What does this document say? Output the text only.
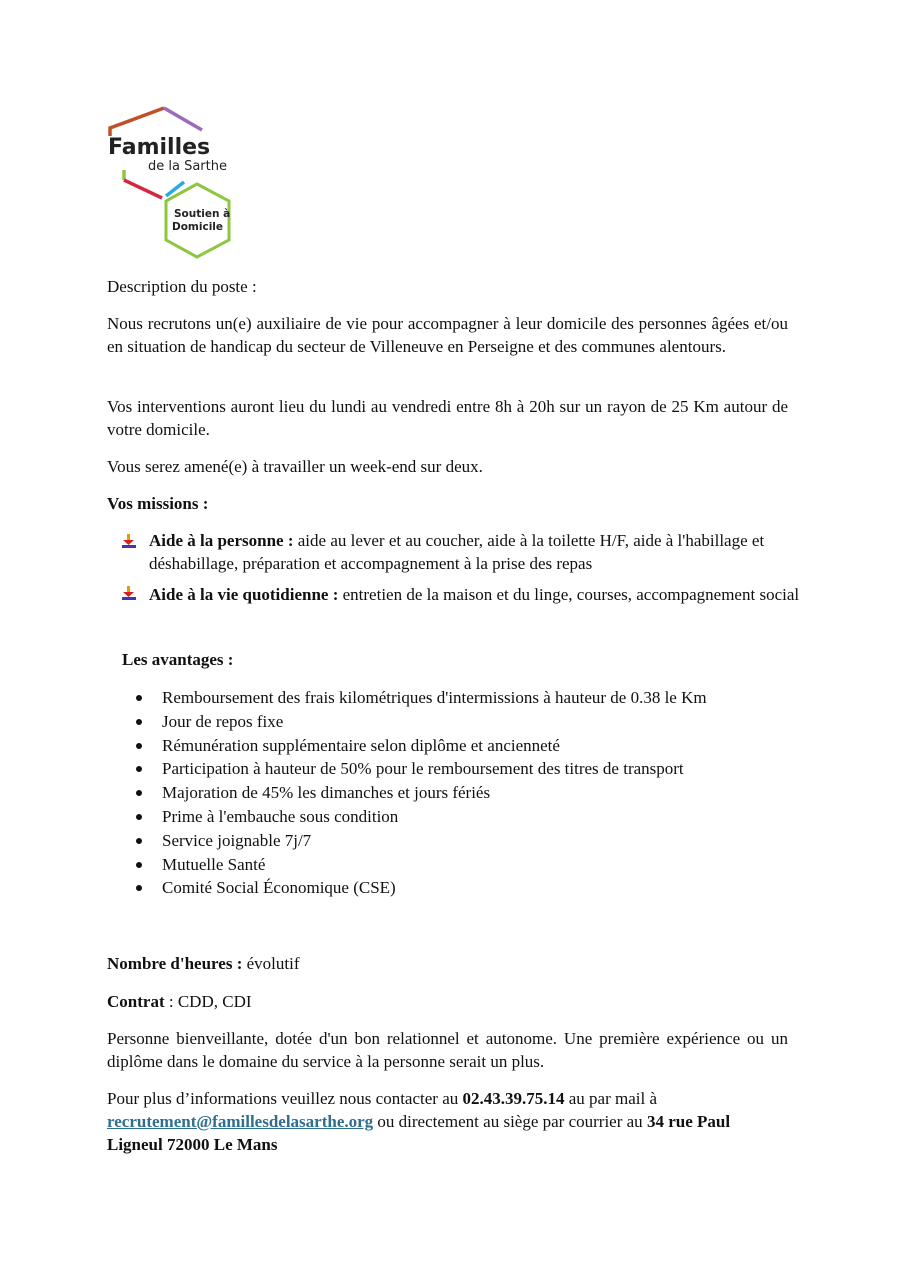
Familles
de la Sarthe
Soutien à
Domicile

Description du poste :

Nous recrutons un(e) auxiliaire de vie pour accompagner à leur domicile des personnes âgées et/ou en situation de handicap du secteur de Villeneuve en Perseigne et des communes alentours.

Vos interventions auront lieu du lundi au vendredi entre 8h à 20h sur un rayon de 25 Km autour de votre domicile.

Vous serez amené(e) à travailler un week-end sur deux.

Vos missions :

Aide à la personne : aide au lever et au coucher, aide à la toilette H/F, aide à l'habillage et déshabillage, préparation et accompagnement à la prise des repas
Aide à la vie quotidienne : entretien de la maison et du linge, courses, accompagnement social

Les avantages :

Remboursement des frais kilométriques d'intermissions à hauteur de 0.38 le Km
Jour de repos fixe
Rémunération supplémentaire selon diplôme et ancienneté
Participation à hauteur de 50% pour le remboursement des titres de transport
Majoration de 45% les dimanches et jours fériés
Prime à l'embauche sous condition
Service joignable 7j/7
Mutuelle Santé
Comité Social Économique (CSE)

Nombre d'heures : évolutif

Contrat : CDD, CDI

Personne bienveillante, dotée d'un bon relationnel et autonome. Une première expérience ou un diplôme dans le domaine du service à la personne serait un plus.

Pour plus d’informations veuillez nous contacter au 02.43.39.75.14 au par mail à recrutement@famillesdelasarthe.org ou directement au siège par courrier au 34 rue Paul Ligneul 72000 Le Mans
